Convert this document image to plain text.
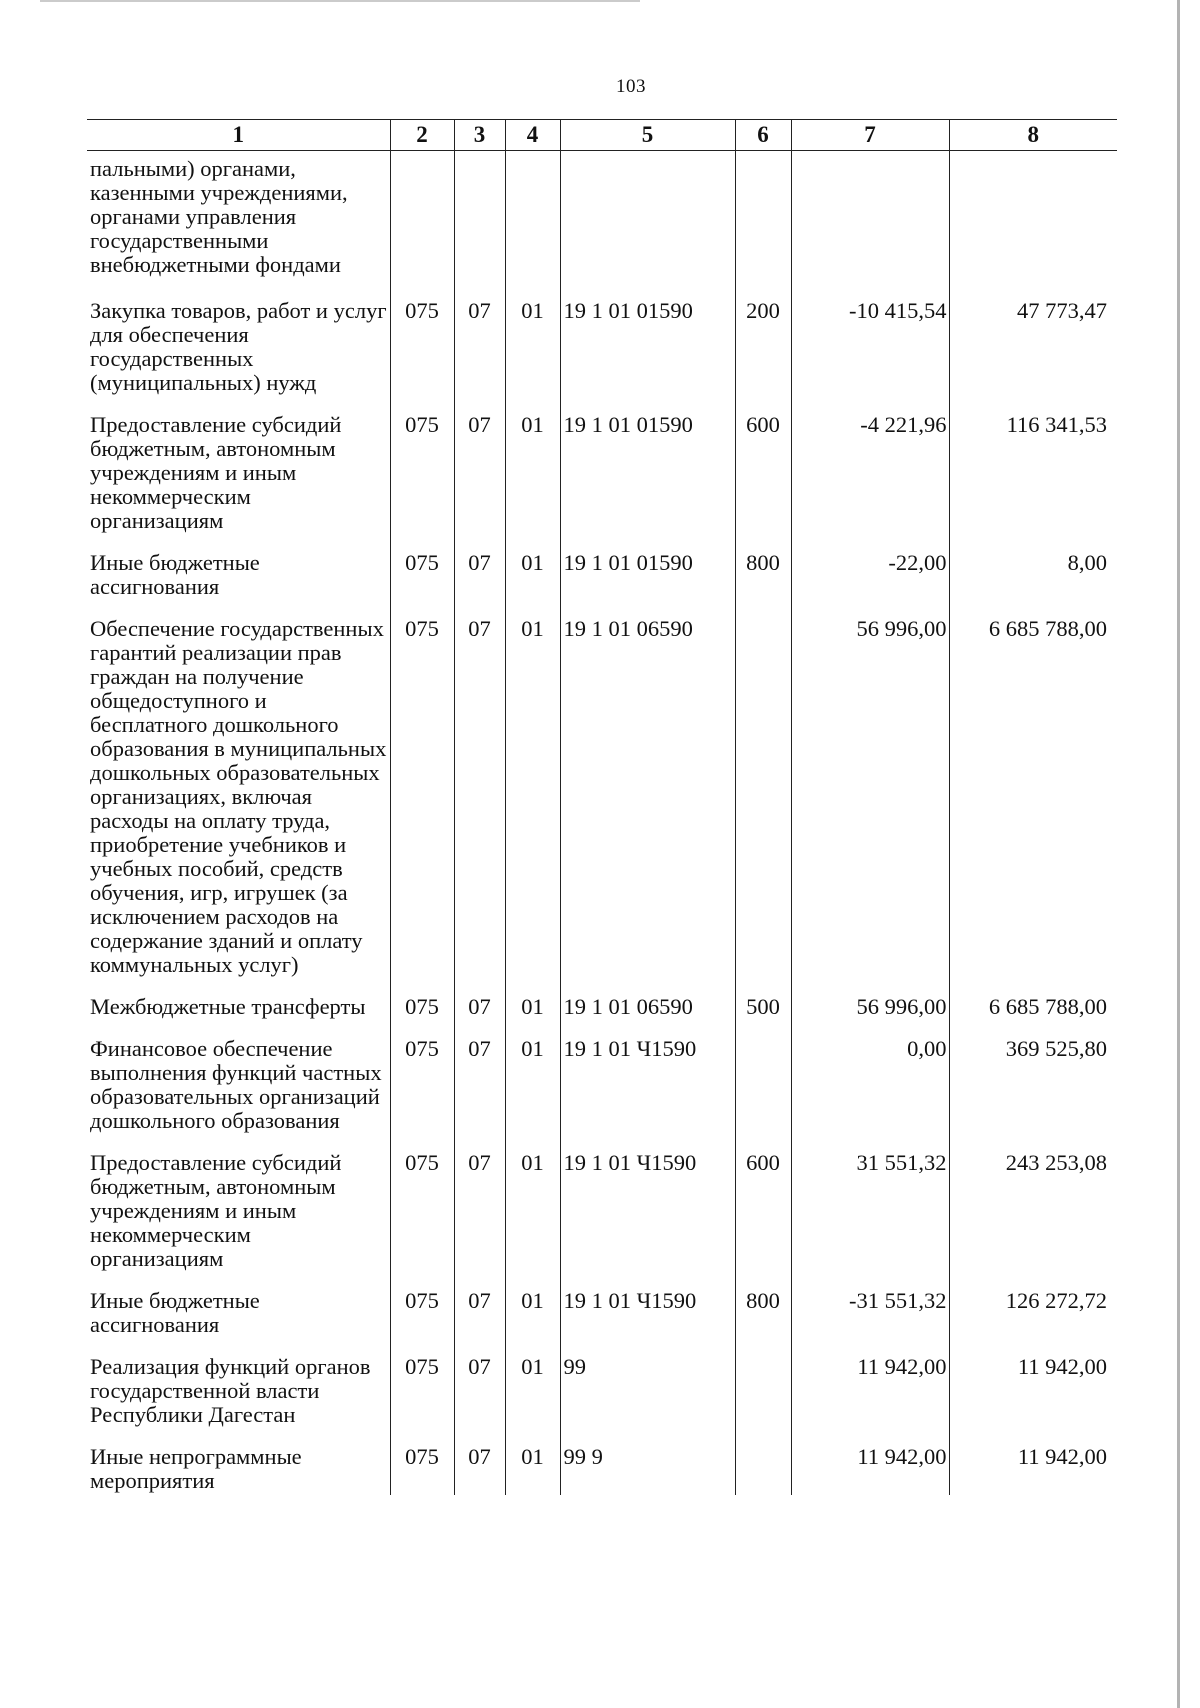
103
1	2	3	4	5	6	7	8
пальными) органами, казенными учреждениями, органами управления государственными внебюджетными фондами							
Закупка товаров, работ и услуг для обеспечения государственных (муниципальных) нужд	075	07	01	19 1 01 01590	200	-10 415,54	47 773,47
Предоставление субсидий бюджетным, автономным учреждениям и иным некоммерческим организациям	075	07	01	19 1 01 01590	600	-4 221,96	116 341,53
Иные бюджетные ассигнования	075	07	01	19 1 01 01590	800	-22,00	8,00
Обеспечение государственных гарантий реализации прав граждан на получение общедоступного и бесплатного дошкольного образования в муниципальных дошкольных образовательных организациях, включая расходы на оплату труда, приобретение учебников и учебных пособий, средств обучения, игр, игрушек (за исключением расходов на содержание зданий и оплату коммунальных услуг)	075	07	01	19 1 01 06590		56 996,00	6 685 788,00
Межбюджетные трансферты	075	07	01	19 1 01 06590	500	56 996,00	6 685 788,00
Финансовое обеспечение выполнения функций частных образовательных организаций дошкольного образования	075	07	01	19 1 01 Ч1590		0,00	369 525,80
Предоставление субсидий бюджетным, автономным учреждениям и иным некоммерческим организациям	075	07	01	19 1 01 Ч1590	600	31 551,32	243 253,08
Иные бюджетные ассигнования	075	07	01	19 1 01 Ч1590	800	-31 551,32	126 272,72
Реализация функций органов государственной власти Республики Дагестан	075	07	01	99		11 942,00	11 942,00
Иные непрограммные мероприятия	075	07	01	99 9		11 942,00	11 942,00
